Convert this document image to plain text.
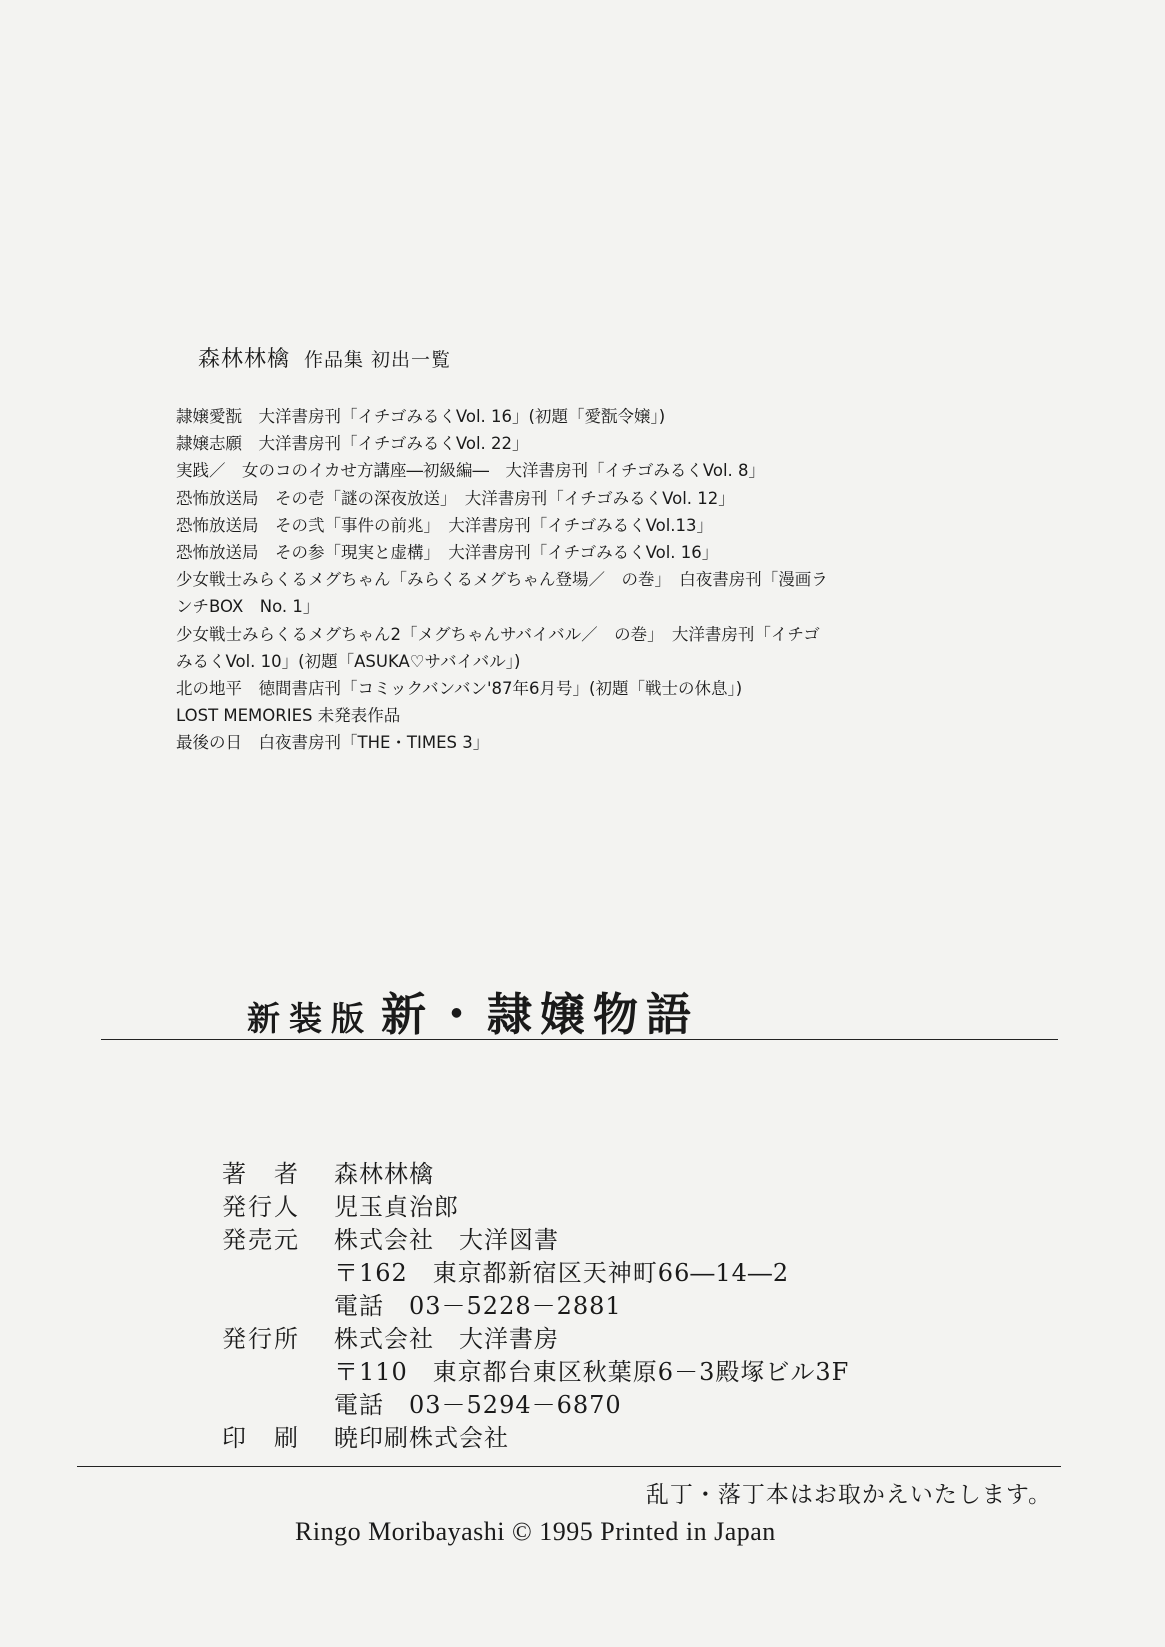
森林林檎 作品集 初出一覧
隷嬢愛翫　大洋書房刊「イチゴみるくVol. 16」(初題「愛翫令嬢」)
隷嬢志願　大洋書房刊「イチゴみるくVol. 22」
実践／　女のコのイカせ方講座―初級編―　大洋書房刊「イチゴみるくVol. 8」
恐怖放送局　その壱「謎の深夜放送」　大洋書房刊「イチゴみるくVol. 12」
恐怖放送局　その弐「事件の前兆」　大洋書房刊「イチゴみるくVol.13」
恐怖放送局　その参「現実と虚構」　大洋書房刊「イチゴみるくVol. 16」
少女戦士みらくるメグちゃん「みらくるメグちゃん登場／　の巻」　白夜書房刊「漫画ラ
ンチBOX　No. 1」
少女戦士みらくるメグちゃん2「メグちゃんサバイバル／　の巻」　大洋書房刊「イチゴ
みるくVol. 10」(初題「ASUKA♡サバイバル」)
北の地平　徳間書店刊「コミックバンバン'87年6月号」(初題「戦士の休息」)
LOST MEMORIES 未発表作品
最後の日　白夜書房刊「THE・TIMES 3」
新装版 新・隷嬢物語
著　者	森林林檎
発行人	児玉貞治郎
発売元	株式会社　大洋図書
〒162　東京都新宿区天神町66―14―2
電話　03－5228－2881
発行所	株式会社　大洋書房
〒110　東京都台東区秋葉原6－3殿塚ビル3F
電話　03－5294－6870
印　刷	暁印刷株式会社
乱丁・落丁本はお取かえいたします。
Ringo Moribayashi © 1995 Printed in Japan
